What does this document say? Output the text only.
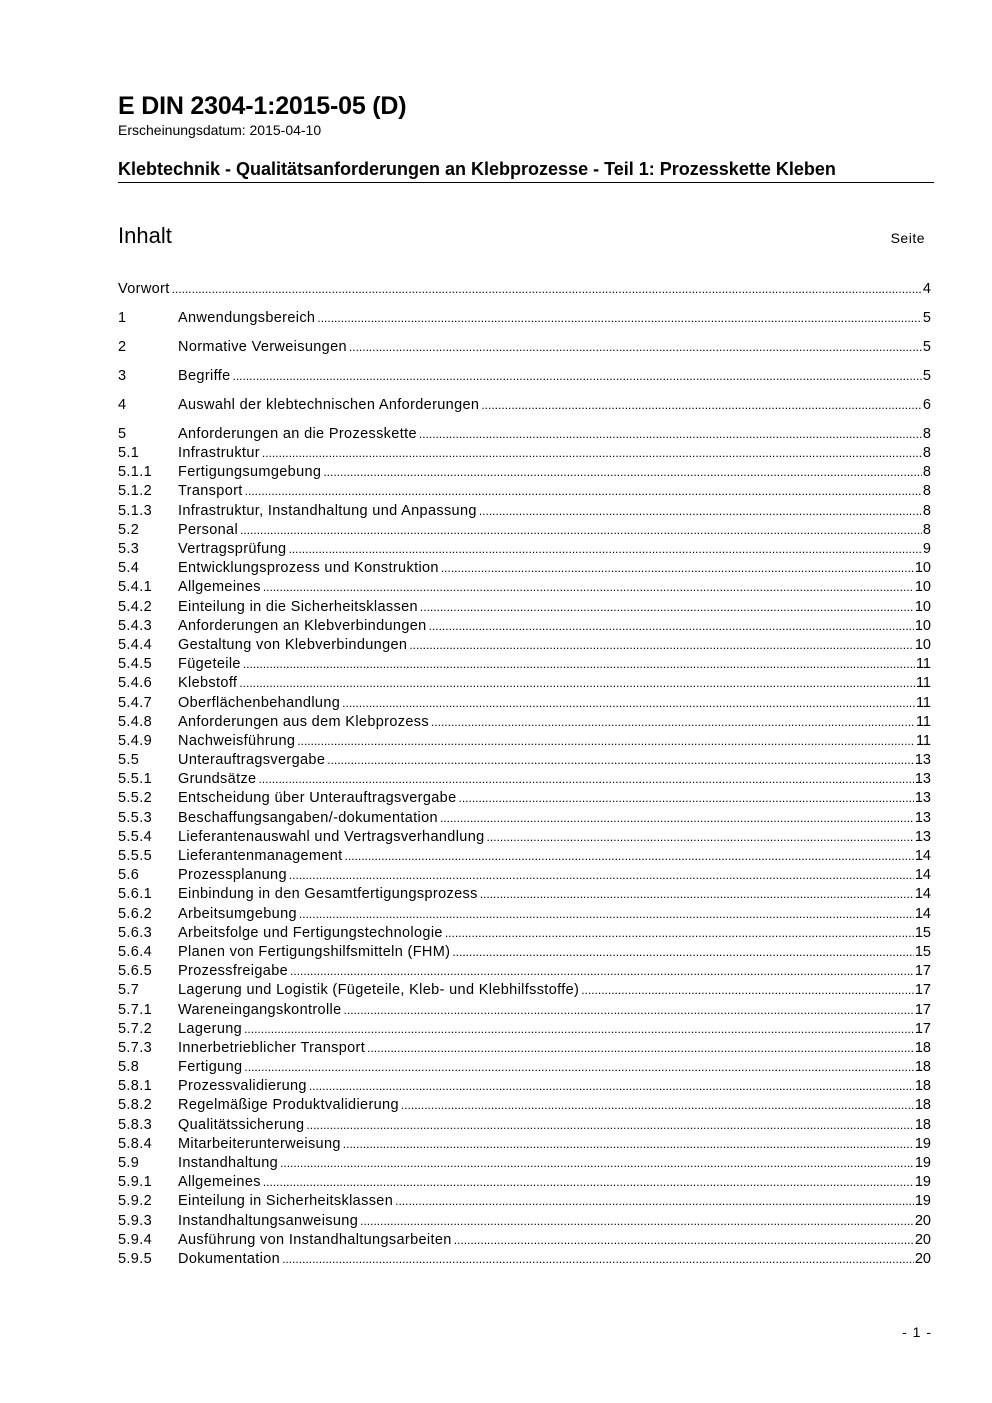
E DIN 2304-1:2015-05 (D)
Erscheinungsdatum: 2015-04-10
Klebtechnik - Qualitätsanforderungen an Klebprozesse - Teil 1: Prozesskette Kleben
Inhalt	Seite
Vorwort .....	4
1	Anwendungsbereich .....	5
2	Normative Verweisungen .....	5
3	Begriffe .....	5
4	Auswahl der klebtechnischen Anforderungen .....	6
5	Anforderungen an die Prozesskette .....	8
5.1	Infrastruktur .....	8
5.1.1 Fertigungsumgebung .....	8
5.1.2 Transport .....	8
5.1.3 Infrastruktur, Instandhaltung und Anpassung .....	8
5.2	Personal .....	8
5.3	Vertragsprüfung .....	9
5.4	Entwicklungsprozess und Konstruktion .....	10
5.4.1 Allgemeines .....	10
5.4.2 Einteilung in die Sicherheitsklassen .....	10
5.4.3 Anforderungen an Klebverbindungen .....	10
5.4.4 Gestaltung von Klebverbindungen .....	10
5.4.5 Fügeteile .....	11
5.4.6 Klebstoff .....	11
5.4.7 Oberflächenbehandlung .....	11
5.4.8 Anforderungen aus dem Klebprozess .....	11
5.4.9 Nachweisführung .....	11
5.5	Unterauftragsvergabe .....	13
5.5.1 Grundsätze .....	13
5.5.2 Entscheidung über Unterauftragsvergabe .....	13
5.5.3 Beschaffungsangaben/-dokumentation .....	13
5.5.4 Lieferantenauswahl und Vertragsverhandlung .....	13
5.5.5 Lieferantenmanagement .....	14
5.6	Prozessplanung .....	14
5.6.1 Einbindung in den Gesamtfertigungsprozess .....	14
5.6.2 Arbeitsumgebung .....	14
5.6.3 Arbeitsfolge und Fertigungstechnologie .....	15
5.6.4 Planen von Fertigungshilfsmitteln (FHM) .....	15
5.6.5 Prozessfreigabe .....	17
5.7	Lagerung und Logistik (Fügeteile, Kleb- und Klebhilfsstoffe) .....	17
5.7.1 Wareneingangskontrolle .....	17
5.7.2 Lagerung .....	17
5.7.3 Innerbetrieblicher Transport .....	18
5.8	Fertigung .....	18
5.8.1 Prozessvalidierung .....	18
5.8.2 Regelmäßige Produktvalidierung .....	18
5.8.3 Qualitätssicherung .....	18
5.8.4 Mitarbeiterunterweisung .....	19
5.9	Instandhaltung .....	19
5.9.1 Allgemeines .....	19
5.9.2 Einteilung in Sicherheitsklassen .....	19
5.9.3 Instandhaltungsanweisung .....	20
5.9.4 Ausführung von Instandhaltungsarbeiten .....	20
5.9.5 Dokumentation .....	20
- 1 -
